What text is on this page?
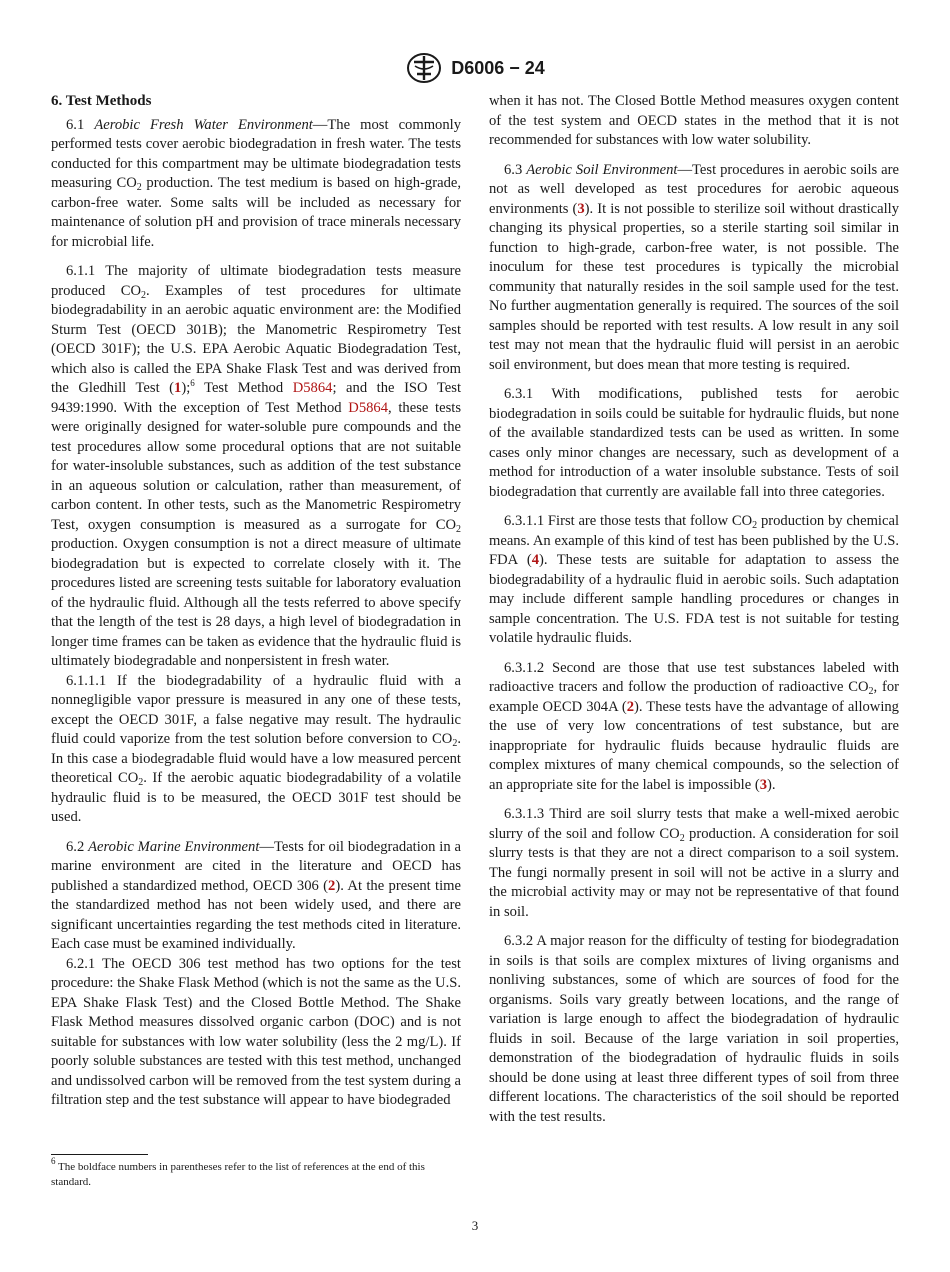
D6006 − 24

6. Test Methods

6.1 Aerobic Fresh Water Environment—The most commonly performed tests cover aerobic biodegradation in fresh water. The tests conducted for this compartment may be ultimate biodegradation tests measuring $CO_2$ production. The test medium is based on high-grade, carbon-free water. Some salts will be included as necessary for maintenance of solution pH and provision of trace minerals necessary for microbial life.

6.1.1 The majority of ultimate biodegradation tests measure produced $CO_2$. Examples of test procedures for ultimate biodegradability in an aerobic aquatic environment are: the Modified Sturm Test (OECD 301B); the Manometric Respirometry Test (OECD 301F); the U.S. EPA Aerobic Aquatic Biodegradation Test, which also is called the EPA Shake Flask Test and was derived from the Gledhill Test (1);$^6$ Test Method D5864; and the ISO Test 9439:1990. With the exception of Test Method D5864, these tests were originally designed for water-soluble pure compounds and the test procedures allow some procedural options that are not suitable for water-insoluble substances, such as addition of the test substance in an aqueous solution or calculation, rather than measurement, of carbon content. In other tests, such as the Manometric Respirometry Test, oxygen consumption is measured as a surrogate for $CO_2$ production. Oxygen consumption is not a direct measure of ultimate biodegradation but is expected to correlate closely with it. The procedures listed are screening tests suitable for laboratory evaluation of the hydraulic fluid. Although all the tests referred to above specify that the length of the test is 28 days, a high level of biodegradation in longer time frames can be taken as evidence that the hydraulic fluid is ultimately biodegradable and nonpersistent in fresh water.

6.1.1.1 If the biodegradability of a hydraulic fluid with a nonnegligible vapor pressure is measured in any one of these tests, except the OECD 301F, a false negative may result. The hydraulic fluid could vaporize from the test solution before conversion to $CO_2$. In this case a biodegradable fluid would have a low measured percent theoretical $CO_2$. If the aerobic aquatic biodegradability of a volatile hydraulic fluid is to be measured, the OECD 301F test should be used.

6.2 Aerobic Marine Environment—Tests for oil biodegradation in a marine environment are cited in the literature and OECD has published a standardized method, OECD 306 (2). At the present time the standardized method has not been widely used, and there are significant uncertainties regarding the test methods cited in literature. Each case must be examined individually.

6.2.1 The OECD 306 test method has two options for the test procedure: the Shake Flask Method (which is not the same as the U.S. EPA Shake Flask Test) and the Closed Bottle Method. The Shake Flask Method measures dissolved organic carbon (DOC) and is not suitable for substances with low water solubility (less the 2 mg/L). If poorly soluble substances are tested with this test method, unchanged and undissolved carbon will be removed from the test system during a filtration step and the test substance will appear to have biodegraded

when it has not. The Closed Bottle Method measures oxygen content of the test system and OECD states in the method that it is not recommended for substances with low water solubility.

6.3 Aerobic Soil Environment—Test procedures in aerobic soils are not as well developed as test procedures for aerobic aqueous environments (3). It is not possible to sterilize soil without drastically changing its physical properties, so a sterile starting soil similar in function to high-grade, carbon-free water, is not possible. The inoculum for these test procedures is typically the microbial community that naturally resides in the soil sample used for the test. No further augmentation generally is required. The sources of the soil samples should be reported with test results. A low result in any soil test may not mean that the hydraulic fluid will persist in an aerobic soil environment, but does mean that more testing is required.

6.3.1 With modifications, published tests for aerobic biodegradation in soils could be suitable for hydraulic fluids, but none of the available standardized tests can be used as written. In some cases only minor changes are necessary, such as development of a method for introduction of a water insoluble substance. Tests of soil biodegradation that currently are available fall into three categories.

6.3.1.1 First are those tests that follow $CO_2$ production by chemical means. An example of this kind of test has been published by the U.S. FDA (4). These tests are suitable for adaptation to assess the biodegradability of a hydraulic fluid in aerobic soils. Such adaptation may include different sample handling procedures or changes in sample concentration. The U.S. FDA test is not suitable for testing volatile hydraulic fluids.

6.3.1.2 Second are those that use test substances labeled with radioactive tracers and follow the production of radioactive $CO_2$, for example OECD 304A (2). These tests have the advantage of allowing the use of very low concentrations of test substance, but are inappropriate for hydraulic fluids because hydraulic fluids are complex mixtures of many chemical compounds, so the selection of an appropriate site for the label is impossible (3).

6.3.1.3 Third are soil slurry tests that make a well-mixed aerobic slurry of the soil and follow $CO_2$ production. A consideration for soil slurry tests is that they are not a direct comparison to a soil system. The fungi normally present in soil will not be active in a slurry and the microbial activity may or may not be representative of that found in soil.

6.3.2 A major reason for the difficulty of testing for biodegradation in soils is that soils are complex mixtures of living organisms and nonliving substances, some of which are sources of food for the organisms. Soils vary greatly between locations, and the range of variation is large enough to affect the biodegradation of hydraulic fluids in soil. Because of the large variation in soil properties, demonstration of the biodegradation of hydraulic fluids in soils should be done using at least three different types of soil from three different locations. The characteristics of the soil should be reported with the test results.

$^6$ The boldface numbers in parentheses refer to the list of references at the end of this standard.
3
